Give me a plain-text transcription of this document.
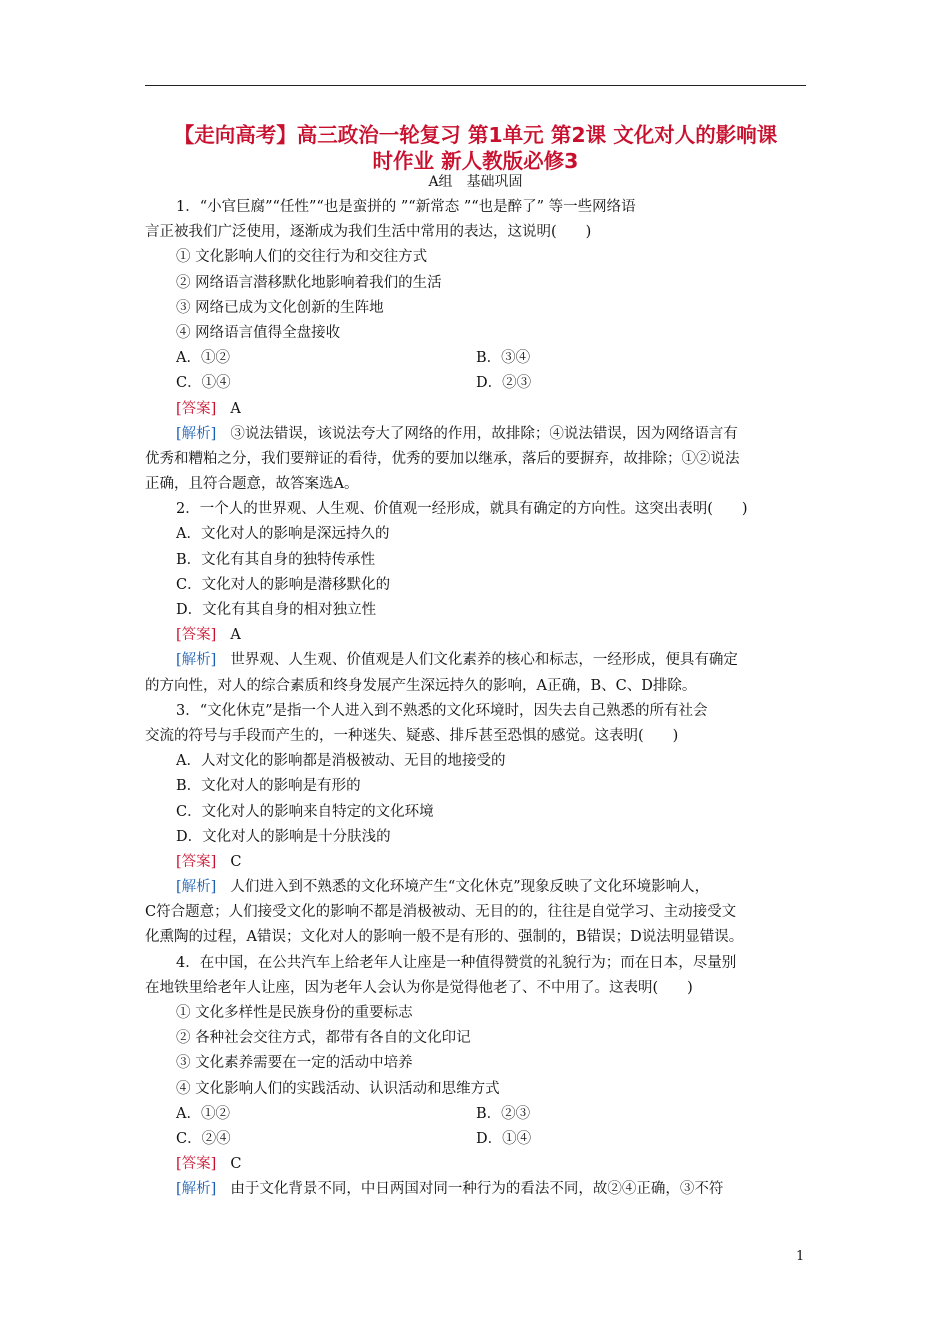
【走向高考】高三政治一轮复习 第1单元 第2课 文化对人的影响课
时作业 新人教版必修3
A组　基础巩固
1．“小官巨腐”“任性”“也是蛮拼的 ”“新常态 ”“也是醉了” 等一些网络语
言正被我们广泛使用，逐渐成为我们生活中常用的表达，这说明(　　)
① 文化影响人们的交往行为和交往方式
② 网络语言潜移默化地影响着我们的生活
③ 网络已成为文化创新的生阵地
④ 网络语言值得全盘接收
A．①②	B．③④
C．①④	D．②③
[答案] A
[解析] ③说法错误，该说法夸大了网络的作用，故排除；④说法错误，因为网络语言有
优秀和糟粕之分，我们要辩证的看待，优秀的要加以继承，落后的要摒弃，故排除；①②说法
正确，且符合题意，故答案选A。
2．一个人的世界观、人生观、价值观一经形成，就具有确定的方向性。这突出表明(　　)
A．文化对人的影响是深远持久的
B．文化有其自身的独特传承性
C．文化对人的影响是潜移默化的
D．文化有其自身的相对独立性
[答案] A
[解析] 世界观、人生观、价值观是人们文化素养的核心和标志，一经形成，便具有确定
的方向性，对人的综合素质和终身发展产生深远持久的影响，A正确，B、C、D排除。
3．“文化休克”是指一个人进入到不熟悉的文化环境时，因失去自己熟悉的所有社会
交流的符号与手段而产生的，一种迷失、疑惑、排斥甚至恐惧的感觉。这表明(　　)
A．人对文化的影响都是消极被动、无目的地接受的
B．文化对人的影响是有形的
C．文化对人的影响来自特定的文化环境
D．文化对人的影响是十分肤浅的
[答案] C
[解析] 人们进入到不熟悉的文化环境产生“文化休克”现象反映了文化环境影响人，
C符合题意；人们接受文化的影响不都是消极被动、无目的的，往往是自觉学习、主动接受文
化熏陶的过程，A错误；文化对人的影响一般不是有形的、强制的，B错误；D说法明显错误。
4．在中国，在公共汽车上给老年人让座是一种值得赞赏的礼貌行为；而在日本，尽量别
在地铁里给老年人让座，因为老年人会认为你是觉得他老了、不中用了。这表明(　　)
① 文化多样性是民族身份的重要标志
② 各种社会交往方式，都带有各自的文化印记
③ 文化素养需要在一定的活动中培养
④ 文化影响人们的实践活动、认识活动和思维方式
A．①②	B．②③
C．②④	D．①④
[答案] C
[解析] 由于文化背景不同，中日两国对同一种行为的看法不同，故②④正确，③不符
1
